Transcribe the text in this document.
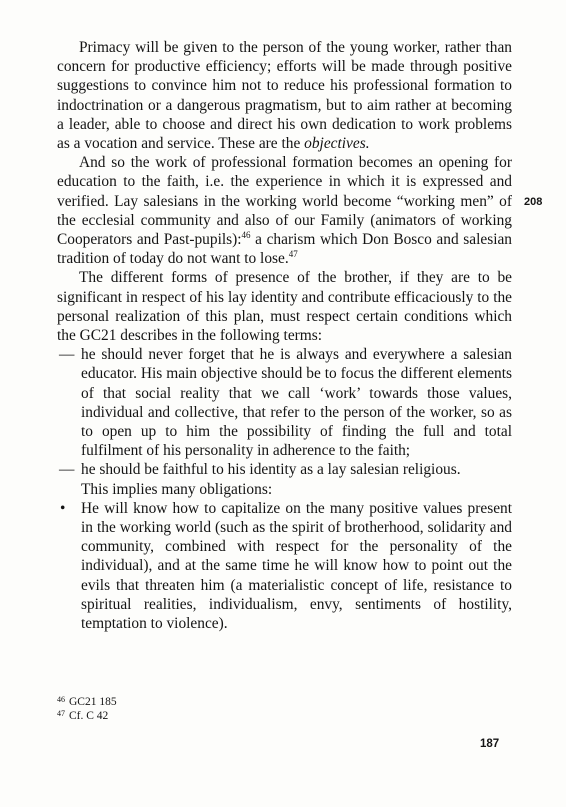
Primacy will be given to the person of the young worker, rather than concern for productive efficiency; efforts will be made through positive suggestions to convince him not to reduce his professional formation to indoctrination or a dangerous pragmatism, but to aim rather at becoming a leader, able to choose and direct his own dedication to work problems as a vocation and service. These are the objectives.

And so the work of professional formation becomes an opening for education to the faith, i.e. the experience in which it is expressed and verified. Lay salesians in the working world become “working men” of the ecclesial community and also of our Family (animators of working Cooperators and Past-pupils):$^{46}$ a charism which Don Bosco and salesian tradition of today do not want to lose.$^{47}$

The different forms of presence of the brother, if they are to be significant in respect of his lay identity and contribute efficaciously to the personal realization of this plan, must respect certain conditions which the GC21 describes in the following terms:

— he should never forget that he is always and everywhere a salesian educator. His main objective should be to focus the different elements of that social reality that we call ‘work’ towards those values, individual and collective, that refer to the person of the worker, so as to open up to him the possibility of finding the full and total fulfilment of his personality in adherence to the faith;
— he should be faithful to his identity as a lay salesian religious.

This implies many obligations:

• He will know how to capitalize on the many positive values present in the working world (such as the spirit of brotherhood, solidarity and community, combined with respect for the personality of the individual), and at the same time he will know how to point out the evils that threaten him (a materialistic concept of life, resistance to spiritual realities, individualism, envy, sentiments of hostility, temptation to violence).
208
$^{46}$ GC21 185
$^{47}$ Cf. C 42
187
